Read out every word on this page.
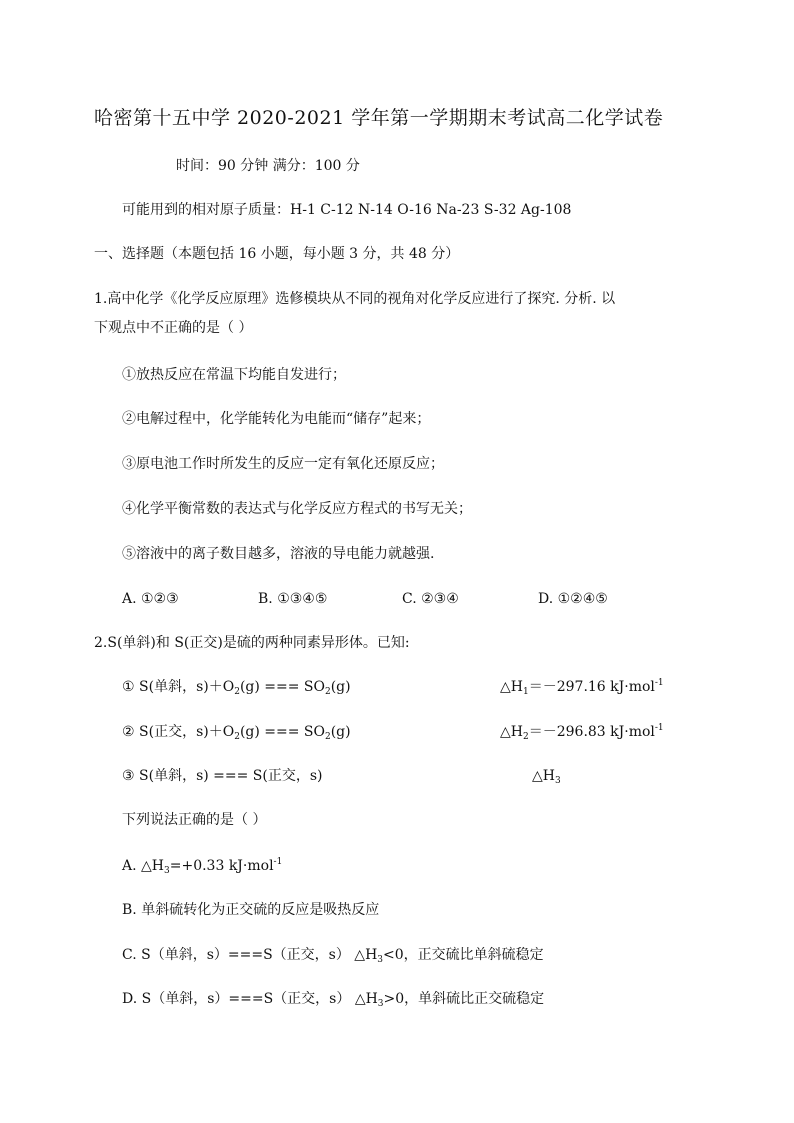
哈密第十五中学 2020-2021 学年第一学期期末考试高二化学试卷
时间：90 分钟 满分：100 分
可能用到的相对原子质量：H-1 C-12 N-14 O-16 Na-23 S-32 Ag-108
一、选择题（本题包括 16 小题，每小题 3 分，共 48 分）
1.高中化学《化学反应原理》选修模块从不同的视角对化学反应进行了探究. 分析. 以
下观点中不正确的是（ ）
①放热反应在常温下均能自发进行；
②电解过程中，化学能转化为电能而“储存”起来；
③原电池工作时所发生的反应一定有氧化还原反应；
④化学平衡常数的表达式与化学反应方程式的书写无关；
⑤溶液中的离子数目越多，溶液的导电能力就越强.
A. ①②③	B. ①③④⑤	C. ②③④	D. ①②④⑤
2.S(单斜)和 S(正交)是硫的两种同素异形体。已知:
① S(单斜，$s)+O_2(g)$ === $SO_2(g)$	$\triangle H_1=-297.16$ kJ·mol$^{-1}$
② S(正交，$s)+O_2(g)$ === $SO_2(g)$	$\triangle H_2=-296.83$ kJ·mol$^{-1}$
③ S(单斜，s) === S(正交，s)	$\triangle H_3$
下列说法正确的是（ ）
A. $\triangle H_3=+0.33$ kJ·mol$^{-1}$
B. 单斜硫转化为正交硫的反应是吸热反应
C. S（单斜，s）===S（正交，s） $\triangle H_3<0$，正交硫比单斜硫稳定
D. S（单斜，s）===S（正交，s） $\triangle H_3>0$，单斜硫比正交硫稳定
